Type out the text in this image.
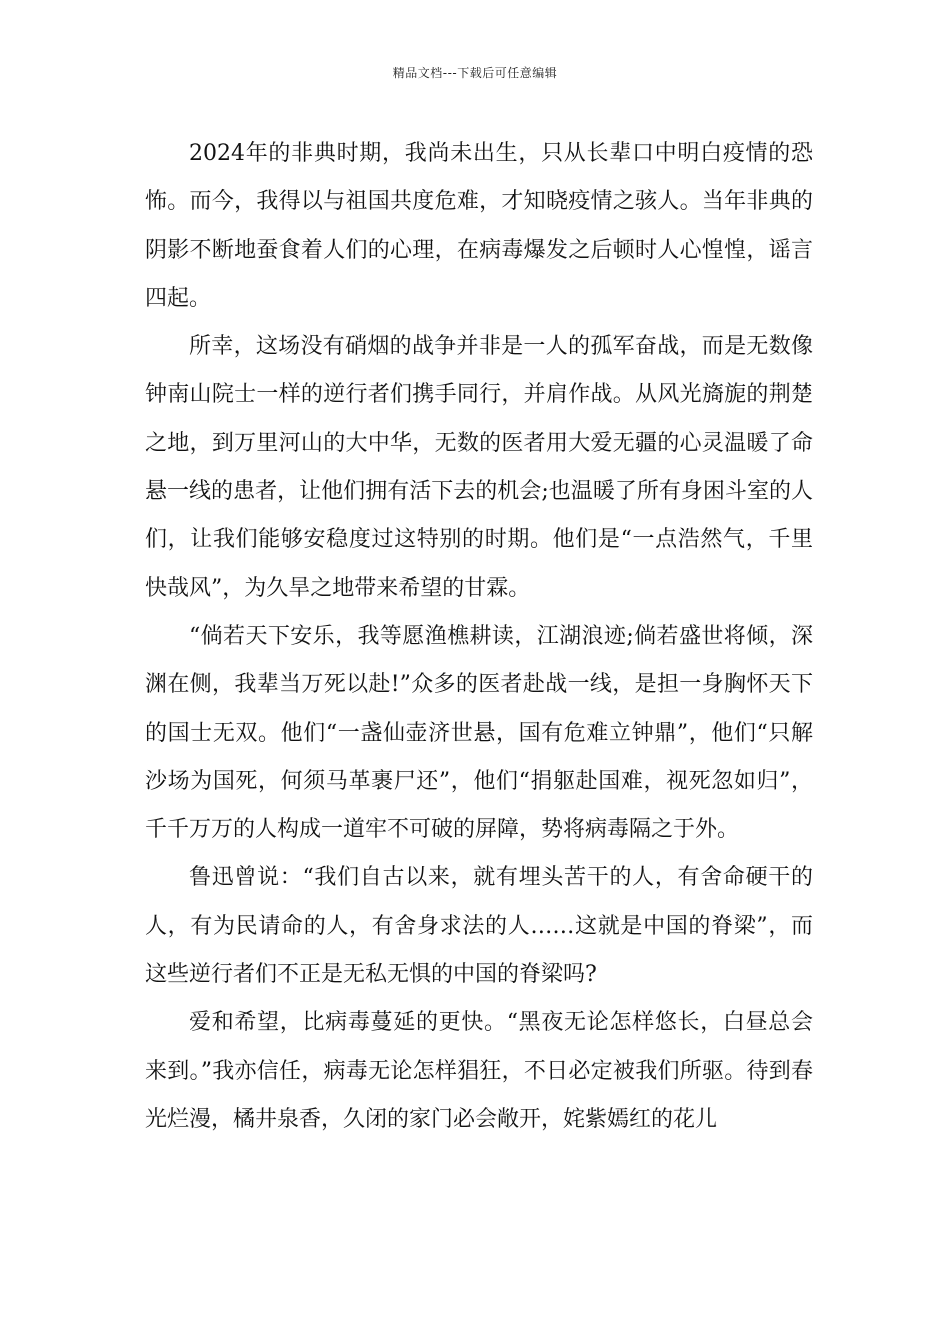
精品文档---下载后可任意编辑

2024年的非典时期，我尚未出生，只从长辈口中明白疫情的恐怖。而今，我得以与祖国共度危难，才知晓疫情之骇人。当年非典的阴影不断地蚕食着人们的心理，在病毒爆发之后顿时人心惶惶，谣言四起。

所幸，这场没有硝烟的战争并非是一人的孤军奋战，而是无数像钟南山院士一样的逆行者们携手同行，并肩作战。从风光旖旎的荆楚之地，到万里河山的大中华，无数的医者用大爱无疆的心灵温暖了命悬一线的患者，让他们拥有活下去的机会;也温暖了所有身困斗室的人们，让我们能够安稳度过这特别的时期。他们是“一点浩然气，千里快哉风”，为久旱之地带来希望的甘霖。

“倘若天下安乐，我等愿渔樵耕读，江湖浪迹;倘若盛世将倾，深渊在侧，我辈当万死以赴!”众多的医者赴战一线，是担一身胸怀天下的国士无双。他们“一盏仙壶济世悬，国有危难立钟鼎”，他们“只解沙场为国死，何须马革裹尸还”，他们“捐躯赴国难，视死忽如归”，千千万万的人构成一道牢不可破的屏障，势将病毒隔之于外。

鲁迅曾说：“我们自古以来，就有埋头苦干的人，有舍命硬干的人，有为民请命的人，有舍身求法的人……这就是中国的脊梁”，而这些逆行者们不正是无私无惧的中国的脊梁吗?

爱和希望，比病毒蔓延的更快。“黑夜无论怎样悠长，白昼总会来到。”我亦信任，病毒无论怎样猖狂，不日必定被我们所驱。待到春光烂漫，橘井泉香，久闭的家门必会敞开，姹紫嫣红的花儿
